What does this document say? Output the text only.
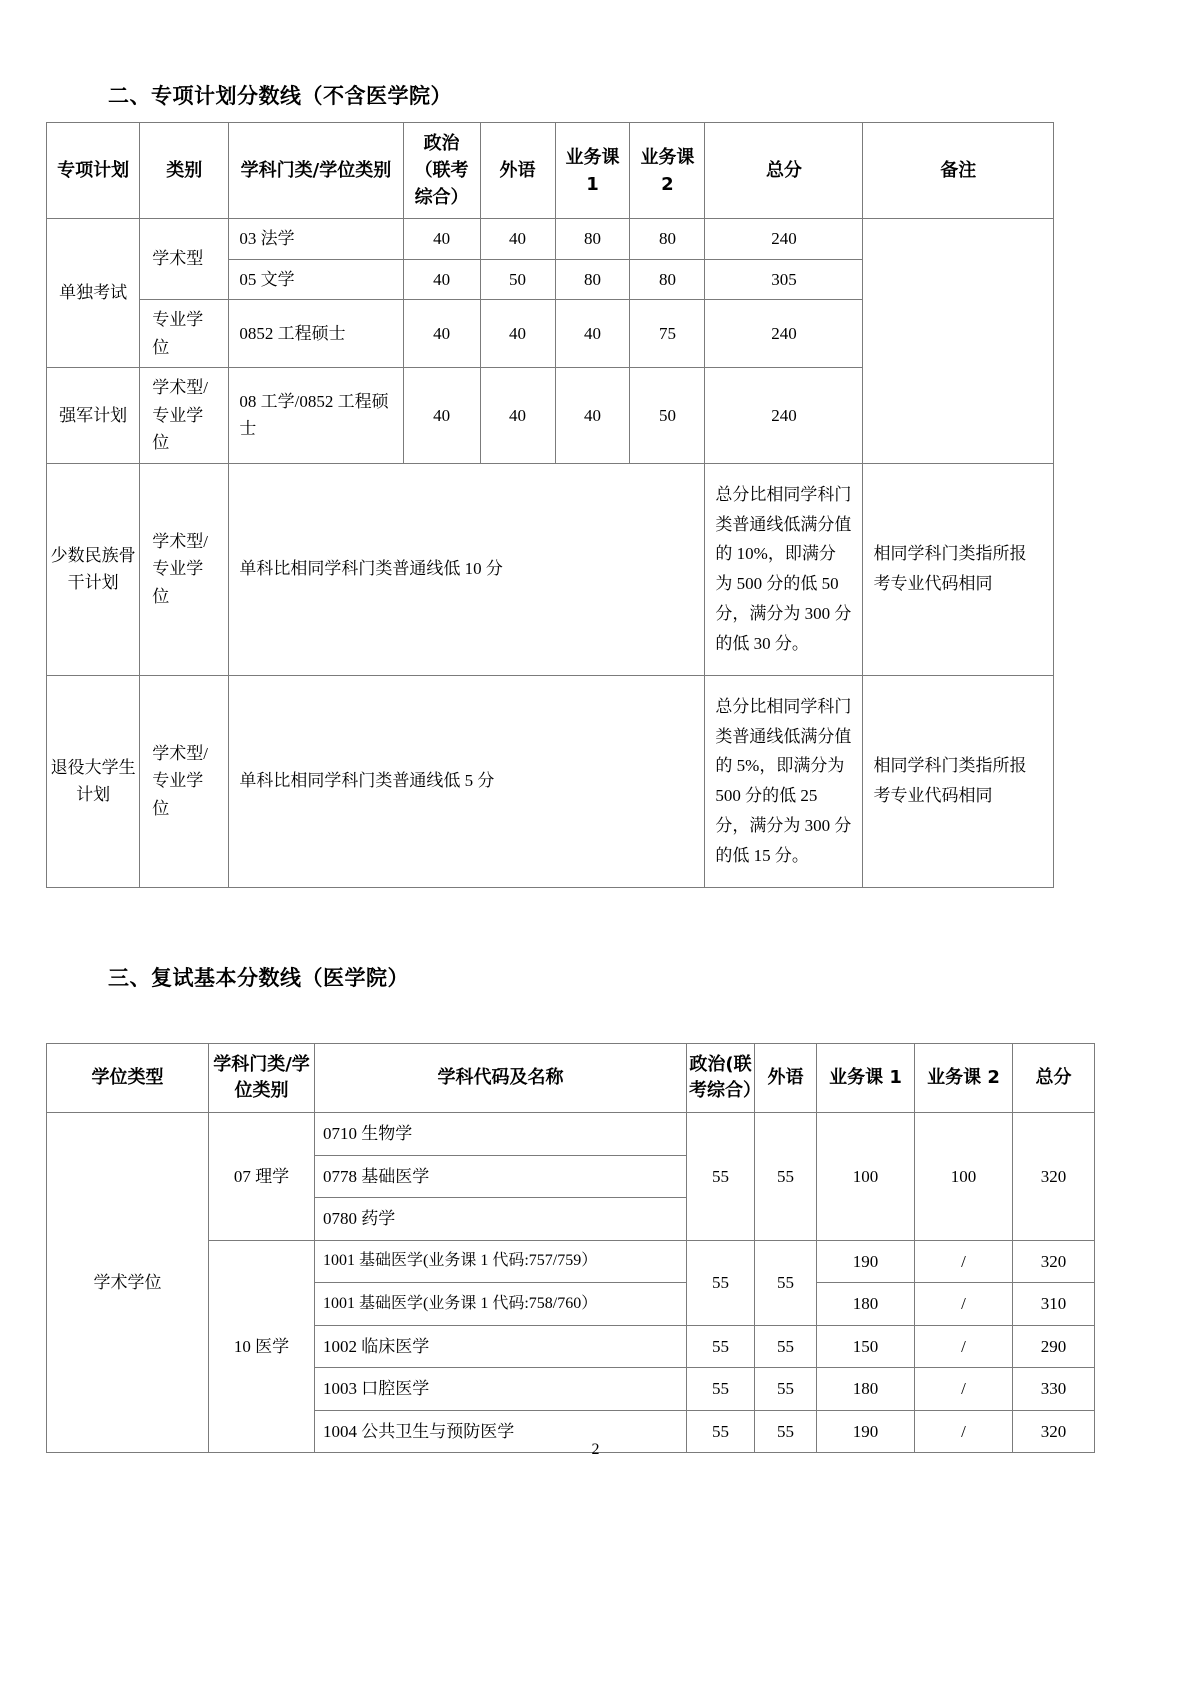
二、专项计划分数线（不含医学院）
专项计划	类别	学科门类/学位类别	政治（联考综合）	外语	业务课 1	业务课 2	总分	备注
单独考试	学术型	03 法学	40	40	80	80	240	
		05 文学	40	50	80	80	305	
	专业学位	0852 工程硕士	40	40	40	75	240	
强军计划	学术型/专业学位	08 工学/0852 工程硕士	40	40	40	50	240	
少数民族骨干计划	学术型/专业学位	单科比相同学科门类普通线低 10 分					总分比相同学科门类普通线低满分值的 10%，即满分为 500 分的低 50 分，满分为 300 分的低 30 分。	相同学科门类指所报考专业代码相同
退役大学生计划	学术型/专业学位	单科比相同学科门类普通线低 5 分					总分比相同学科门类普通线低满分值的 5%，即满分为 500 分的低 25 分，满分为 300 分的低 15 分。	相同学科门类指所报考专业代码相同
三、复试基本分数线（医学院）
学位类型	学科门类/学位类别	学科代码及名称	政治(联考综合）	外语	业务课 1	业务课 2	总分
学术学位	07 理学	0710 生物学	55	55	100	100	320
		0778 基础医学					
		0780 药学					
	10 医学	1001 基础医学(业务课 1 代码:757/759）	55	55	190	/	320
		1001 基础医学(业务课 1 代码:758/760）			180	/	310
		1002 临床医学	55	55	150	/	290
		1003 口腔医学	55	55	180	/	330
		1004 公共卫生与预防医学	55	55	190	/	320
2
